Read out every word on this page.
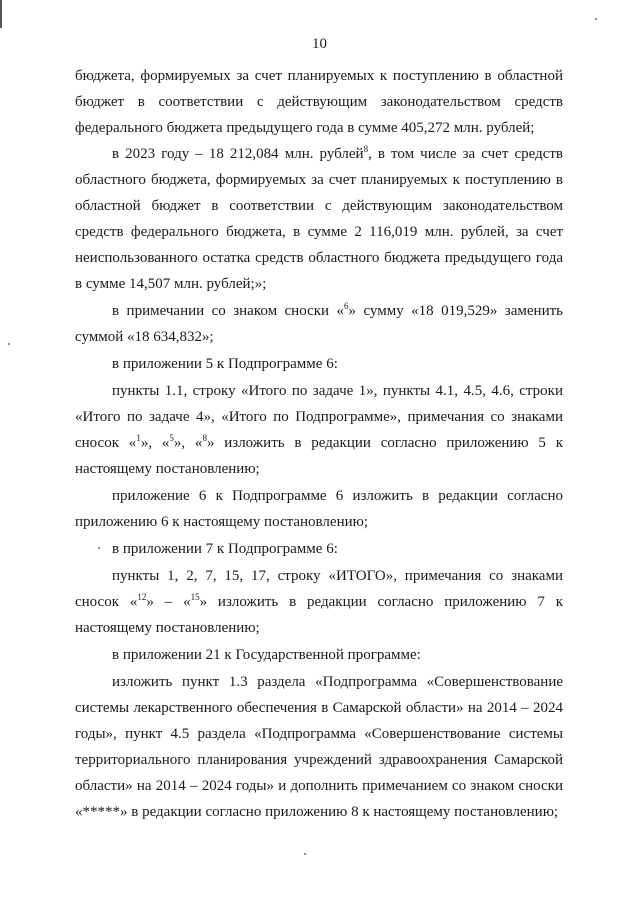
10

бюджета, формируемых за счет планируемых к поступлению в областной бюджет в соответствии с действующим законодательством средств федерального бюджета предыдущего года в сумме 405,272 млн. рублей;

в 2023 году – 18 212,084 млн. рублей$^8$, в том числе за счет средств областного бюджета, формируемых за счет планируемых к поступлению в областной бюджет в соответствии с действующим законодательством средств федерального бюджета, в сумме 2 116,019 млн. рублей, за счет неиспользованного остатка средств областного бюджета предыдущего года в сумме 14,507 млн. рублей;»;

в примечании со знаком сноски «$^6$» сумму «18 019,529» заменить суммой «18 634,832»;

в приложении 5 к Подпрограмме 6:

пункты 1.1, строку «Итого по задаче 1», пункты 4.1, 4.5, 4.6, строки «Итого по задаче 4», «Итого по Подпрограмме», примечания со знаками сносок «$^1$», «$^5$», «$^8$» изложить в редакции согласно приложению 5 к настоящему постановлению;

приложение 6 к Подпрограмме 6 изложить в редакции согласно приложению 6 к настоящему постановлению;

в приложении 7 к Подпрограмме 6:

пункты 1, 2, 7, 15, 17, строку «ИТОГО», примечания со знаками сносок «$^{12}$» – «$^{15}$» изложить в редакции согласно приложению 7 к настоящему постановлению;

в приложении 21 к Государственной программе:

изложить пункт 1.3 раздела «Подпрограмма «Совершенствование системы лекарственного обеспечения в Самарской области» на 2014 – 2024 годы», пункт 4.5 раздела «Подпрограмма «Совершенствование системы территориального планирования учреждений здравоохранения Самарской области» на 2014 – 2024 годы» и дополнить примечанием со знаком сноски «*****» в редакции согласно приложению 8 к настоящему постановлению;
